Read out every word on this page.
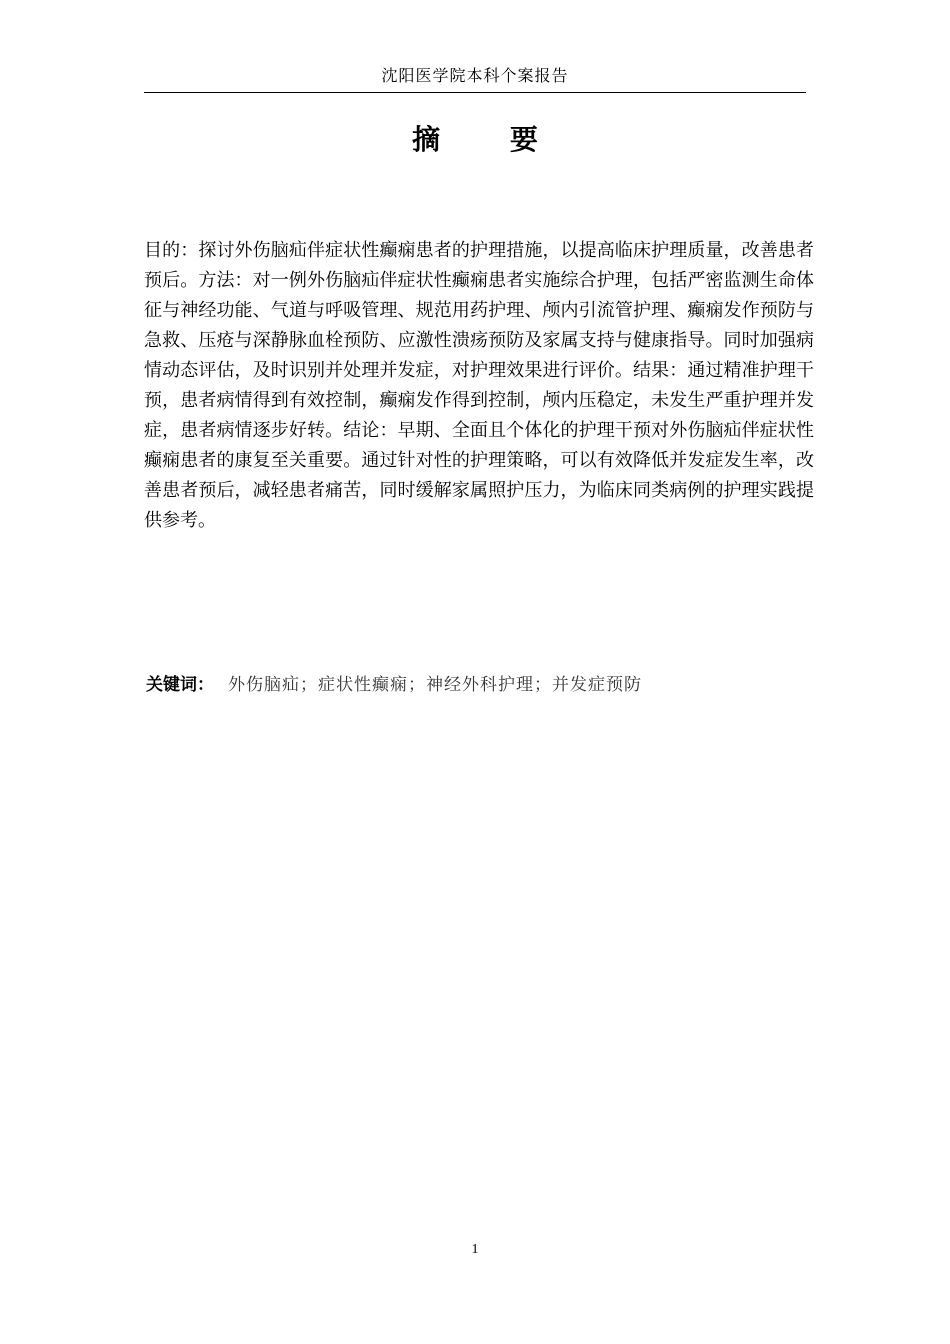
沈阳医学院本科个案报告
摘 要

目的：探讨外伤脑疝伴症状性癫痫患者的护理措施，以提高临床护理质量，改善患者预后。方法：对一例外伤脑疝伴症状性癫痫患者实施综合护理，包括严密监测生命体征与神经功能、气道与呼吸管理、规范用药护理、颅内引流管护理、癫痫发作预防与急救、压疮与深静脉血栓预防、应激性溃疡预防及家属支持与健康指导。同时加强病情动态评估，及时识别并处理并发症，对护理效果进行评价。结果：通过精准护理干预，患者病情得到有效控制，癫痫发作得到控制，颅内压稳定，未发生严重护理并发症，患者病情逐步好转。结论：早期、全面且个体化的护理干预对外伤脑疝伴症状性癫痫患者的康复至关重要。通过针对性的护理策略，可以有效降低并发症发生率，改善患者预后，减轻患者痛苦，同时缓解家属照护压力，为临床同类病例的护理实践提供参考。

关键词： 外伤脑疝；症状性癫痫；神经外科护理；并发症预防
1
